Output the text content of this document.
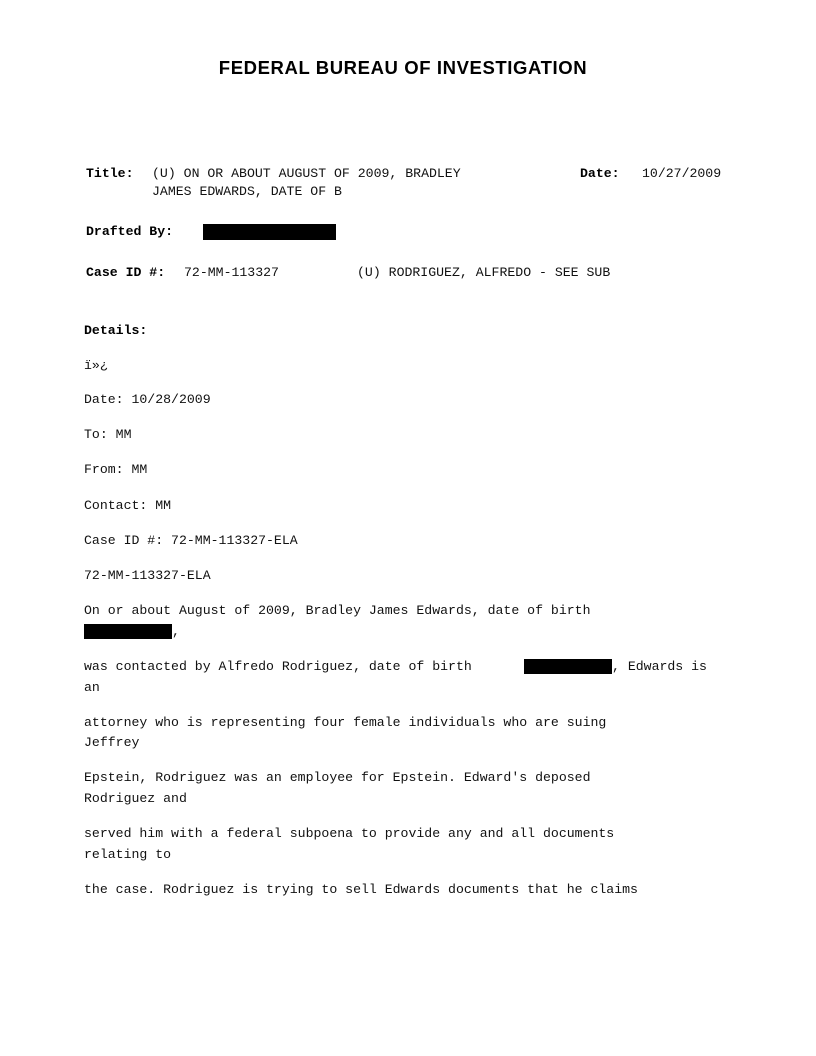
FEDERAL BUREAU OF INVESTIGATION
Title: (U) ON OR ABOUT AUGUST OF 2009, BRADLEY
JAMES EDWARDS, DATE OF B
Date: 10/27/2009
Drafted By:
Case ID #: 72-MM-113327	(U) RODRIGUEZ, ALFREDO - SEE SUB
Details:
ï»¿
Date: 10/28/2009
To: MM
From: MM
Contact: MM
Case ID #: 72-MM-113327-ELA
72-MM-113327-ELA
On or about August of 2009, Bradley James Edwards, date of birth
,
was contacted by Alfredo Rodriguez, date of birth	, Edwards is
an
attorney who is representing four female individuals who are suing
Jeffrey
Epstein, Rodriguez was an employee for Epstein. Edward's deposed
Rodriguez and
served him with a federal subpoena to provide any and all documents
relating to
the case. Rodriguez is trying to sell Edwards documents that he claims
